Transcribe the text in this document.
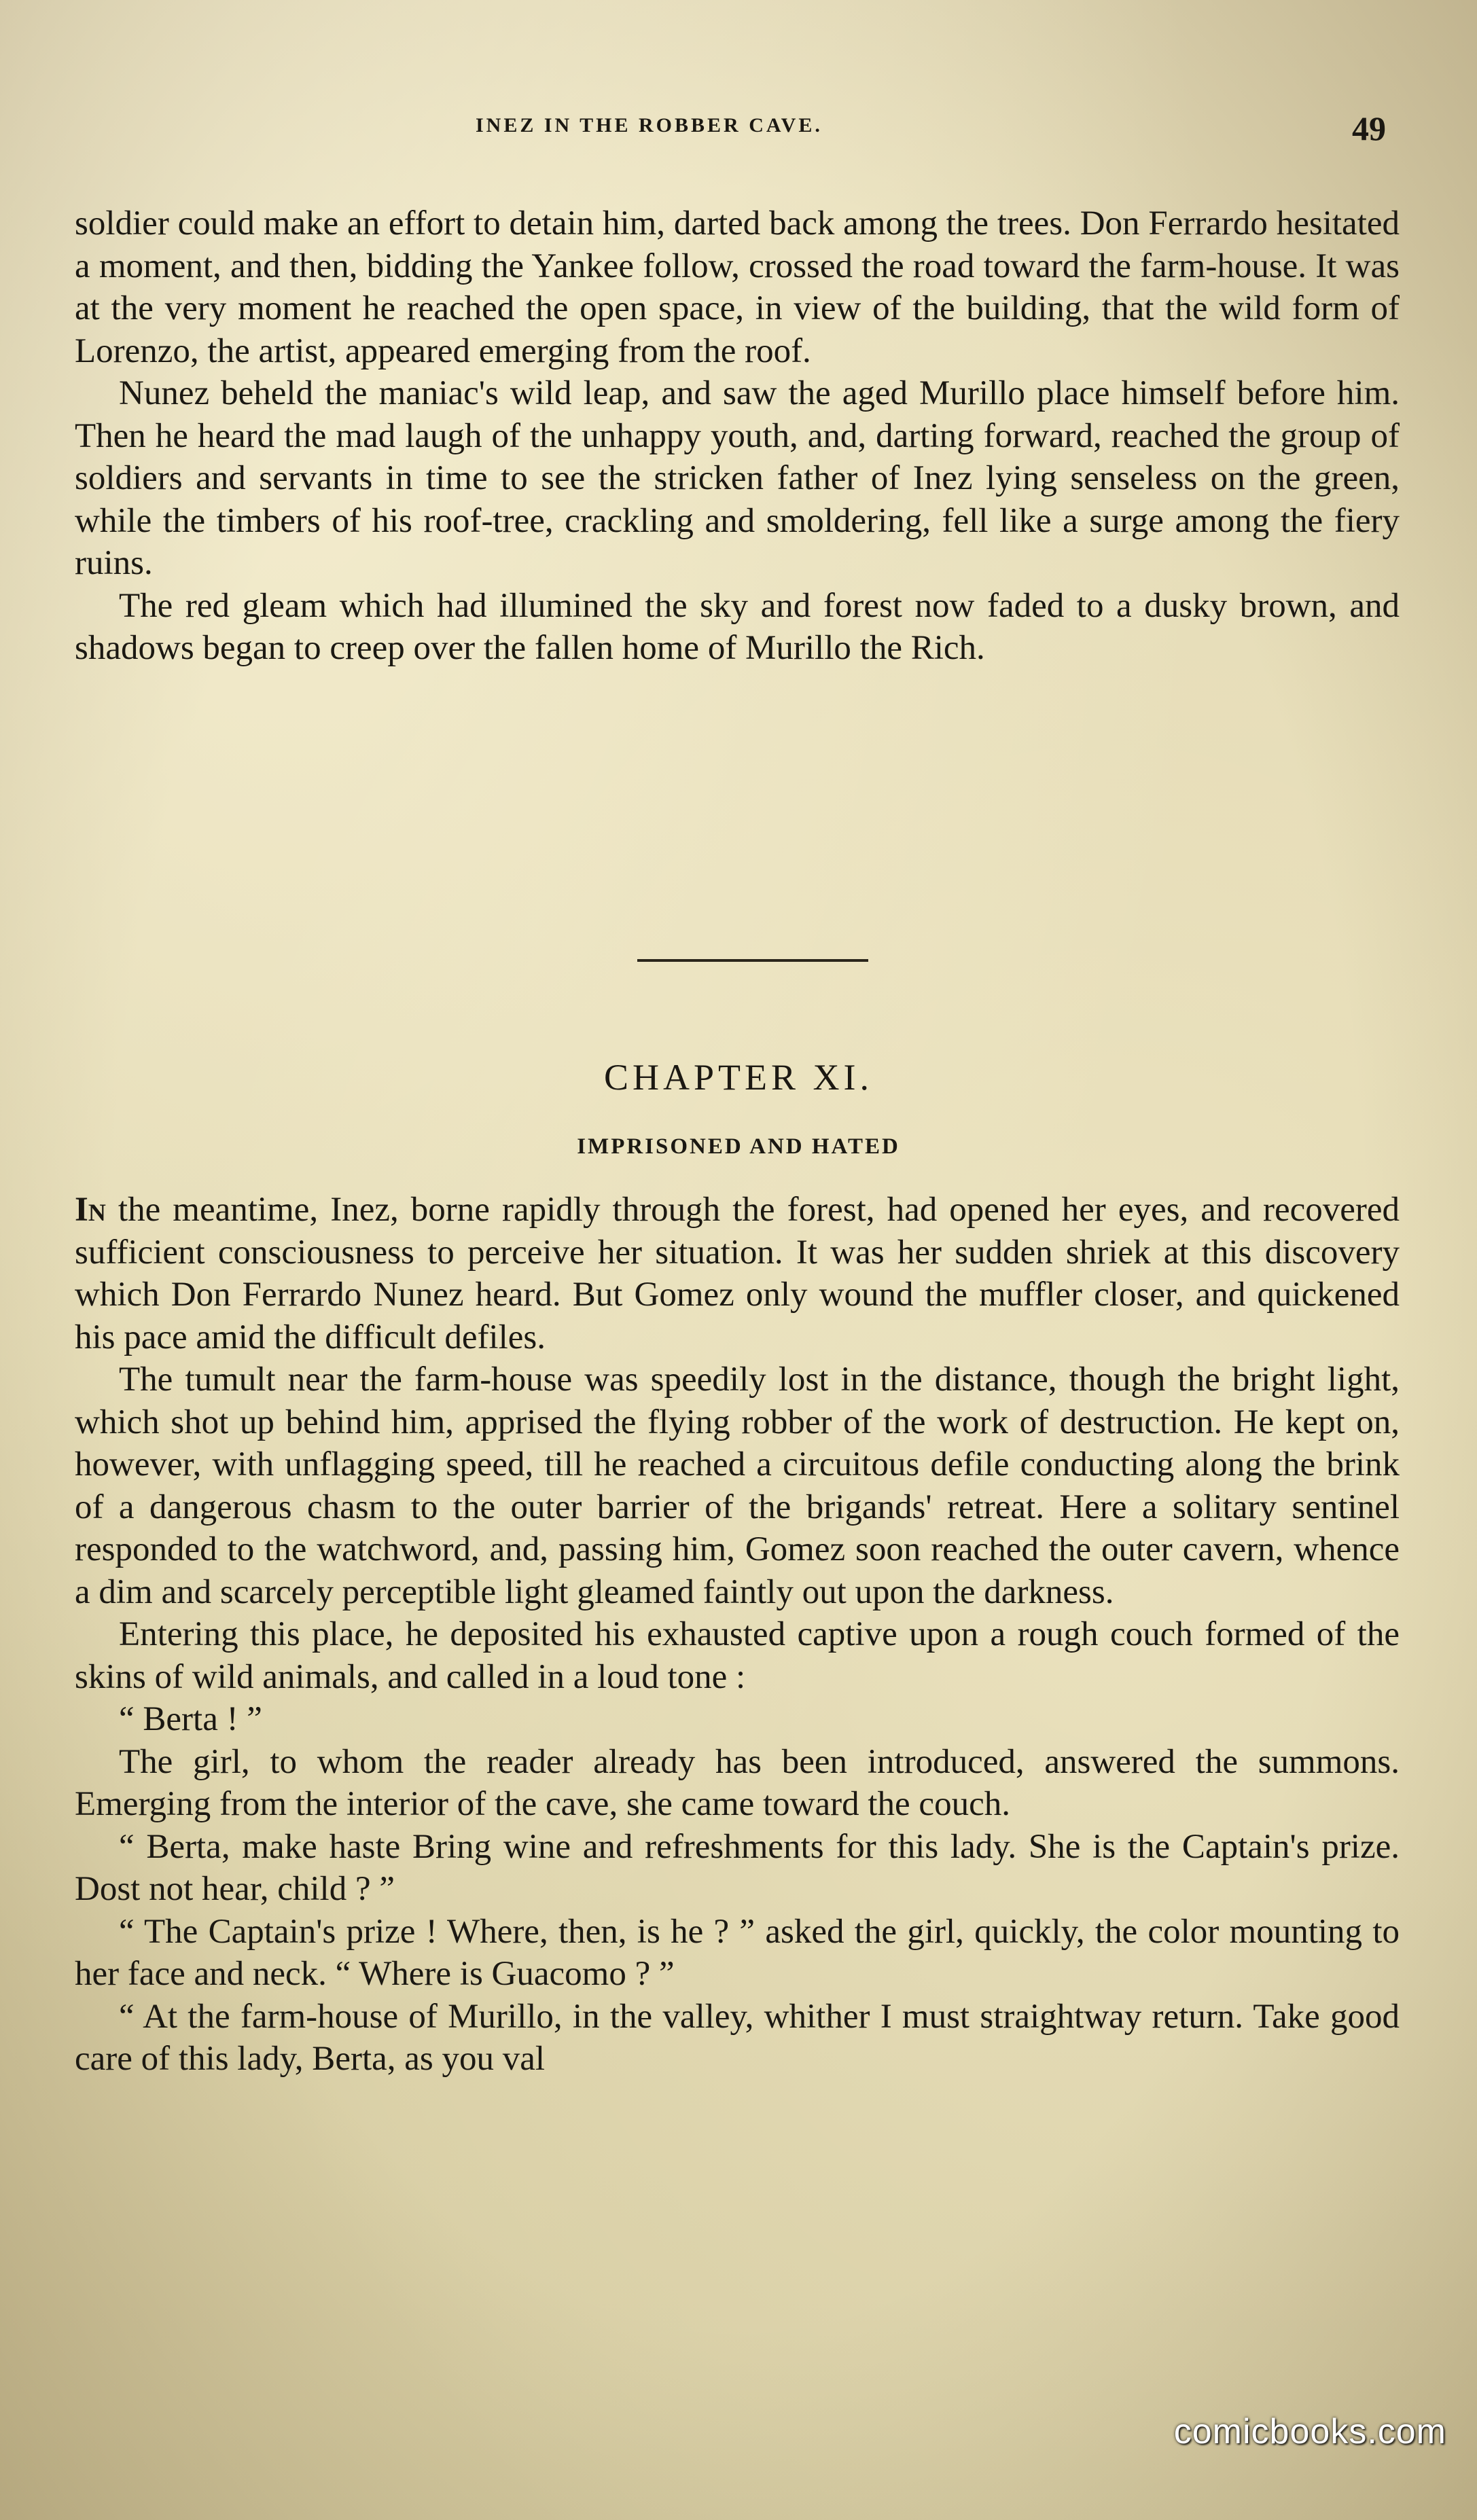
INEZ IN THE ROBBER CAVE.	49

soldier could make an effort to detain him, darted back among the trees. Don Ferrardo hesitated a moment, and then, bidding the Yankee follow, crossed the road toward the farm-house. It was at the very moment he reached the open space, in view of the building, that the wild form of Lorenzo, the artist, appeared emerging from the roof.

Nunez beheld the maniac's wild leap, and saw the aged Murillo place himself before him. Then he heard the mad laugh of the unhappy youth, and, darting forward, reached the group of soldiers and servants in time to see the stricken father of Inez lying senseless on the green, while the timbers of his roof-tree, crackling and smoldering, fell like a surge among the fiery ruins.

The red gleam which had illumined the sky and forest now faded to a dusky brown, and shadows began to creep over the fallen home of Murillo the Rich.

CHAPTER XI.
IMPRISONED AND HATED

In the meantime, Inez, borne rapidly through the forest, had opened her eyes, and recovered sufficient consciousness to perceive her situation. It was her sudden shriek at this discovery which Don Ferrardo Nunez heard. But Gomez only wound the muffler closer, and quickened his pace amid the difficult defiles.

The tumult near the farm-house was speedily lost in the distance, though the bright light, which shot up behind him, apprised the flying robber of the work of destruction. He kept on, however, with unflagging speed, till he reached a circuitous defile conducting along the brink of a dangerous chasm to the outer barrier of the brigands' retreat. Here a solitary sentinel responded to the watchword, and, passing him, Gomez soon reached the outer cavern, whence a dim and scarcely perceptible light gleamed faintly out upon the darkness.

Entering this place, he deposited his exhausted captive upon a rough couch formed of the skins of wild animals, and called in a loud tone :

“ Berta ! ”

The girl, to whom the reader already has been introduced, answered the summons. Emerging from the interior of the cave, she came toward the couch.

“ Berta, make haste Bring wine and refreshments for this lady. She is the Captain's prize. Dost not hear, child ? ”

“ The Captain's prize ! Where, then, is he ? ” asked the girl, quickly, the color mounting to her face and neck. “ Where is Guacomo ? ”

“ At the farm-house of Murillo, in the valley, whither I must straightway return. Take good care of this lady, Berta, as you val

comicbooks.com
